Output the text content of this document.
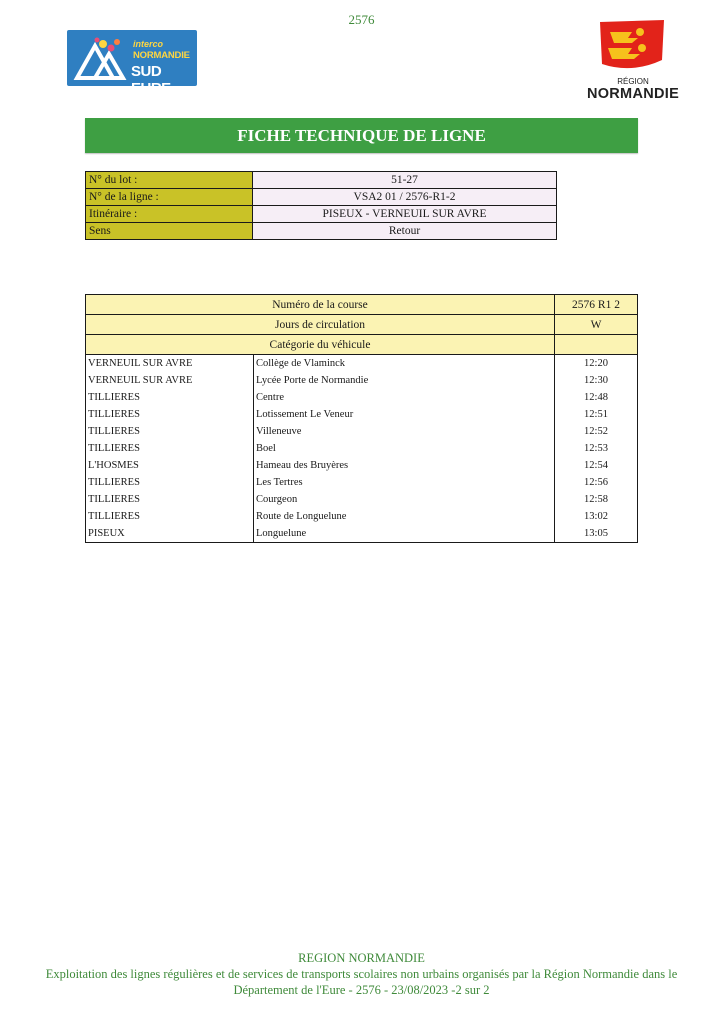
2576
interco
NORMANDIE
SUD EURE	RÉGION
NORMANDIE
FICHE TECHNIQUE DE LIGNE
N° du lot :	51-27
N° de la ligne :	VSA2 01 / 2576-R1-2
Itinéraire :	PISEUX - VERNEUIL SUR AVRE
Sens	Retour
Numéro de la course		2576 R1 2
Jours de circulation		W
Catégorie du véhicule		
VERNEUIL SUR AVRE	Collège de Vlaminck	12:20
VERNEUIL SUR AVRE	Lycée Porte de Normandie	12:30
TILLIERES	Centre	12:48
TILLIERES	Lotissement Le Veneur	12:51
TILLIERES	Villeneuve	12:52
TILLIERES	Boel	12:53
L'HOSMES	Hameau des Bruyères	12:54
TILLIERES	Les Tertres	12:56
TILLIERES	Courgeon	12:58
TILLIERES	Route de Longuelune	13:02
PISEUX	Longuelune	13:05
REGION NORMANDIE
Exploitation des lignes régulières et de services de transports scolaires non urbains organisés par la Région Normandie dans le
Département de l'Eure - 2576 - 23/08/2023 -2 sur 2
